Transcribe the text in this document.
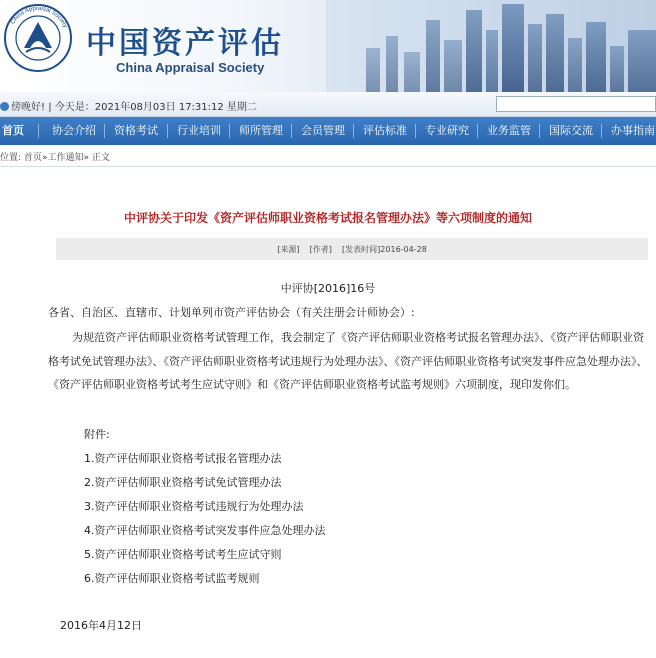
China Appraisal Society 中国资产评估
China Appraisal Society
傍晚好! | 今天是：2021年08月03日 17:31:12 星期二
首页	协会介绍 资格考试 行业培训 师所管理 会员管理 评估标准 专业研究 业务监管 国际交流 办事指南
位置: 首页»工作通知» 正文
中评协关于印发《资产评估师职业资格考试报名管理办法》等六项制度的通知
[来源] [作者] [发表时间]2016-04-28
中评协[2016]16号
各省、自治区、直辖市、计划单列市资产评估协会（有关注册会计师协会）:

为规范资产评估师职业资格考试管理工作，我会制定了《资产评估师职业资格考试报名管理办法》、《资产评估师职业资格考试免试管理办法》、《资产评估师职业资格考试违规行为处理办法》、《资产评估师职业资格考试突发事件应急处理办法》、《资产评估师职业资格考试考生应试守则》和《资产评估师职业资格考试监考规则》六项制度，现印发你们。

附件:
1.资产评估师职业资格考试报名管理办法
2.资产评估师职业资格考试免试管理办法
3.资产评估师职业资格考试违规行为处理办法
4.资产评估师职业资格考试突发事件应急处理办法
5.资产评估师职业资格考试考生应试守则
6.资产评估师职业资格考试监考规则
2016年4月12日
